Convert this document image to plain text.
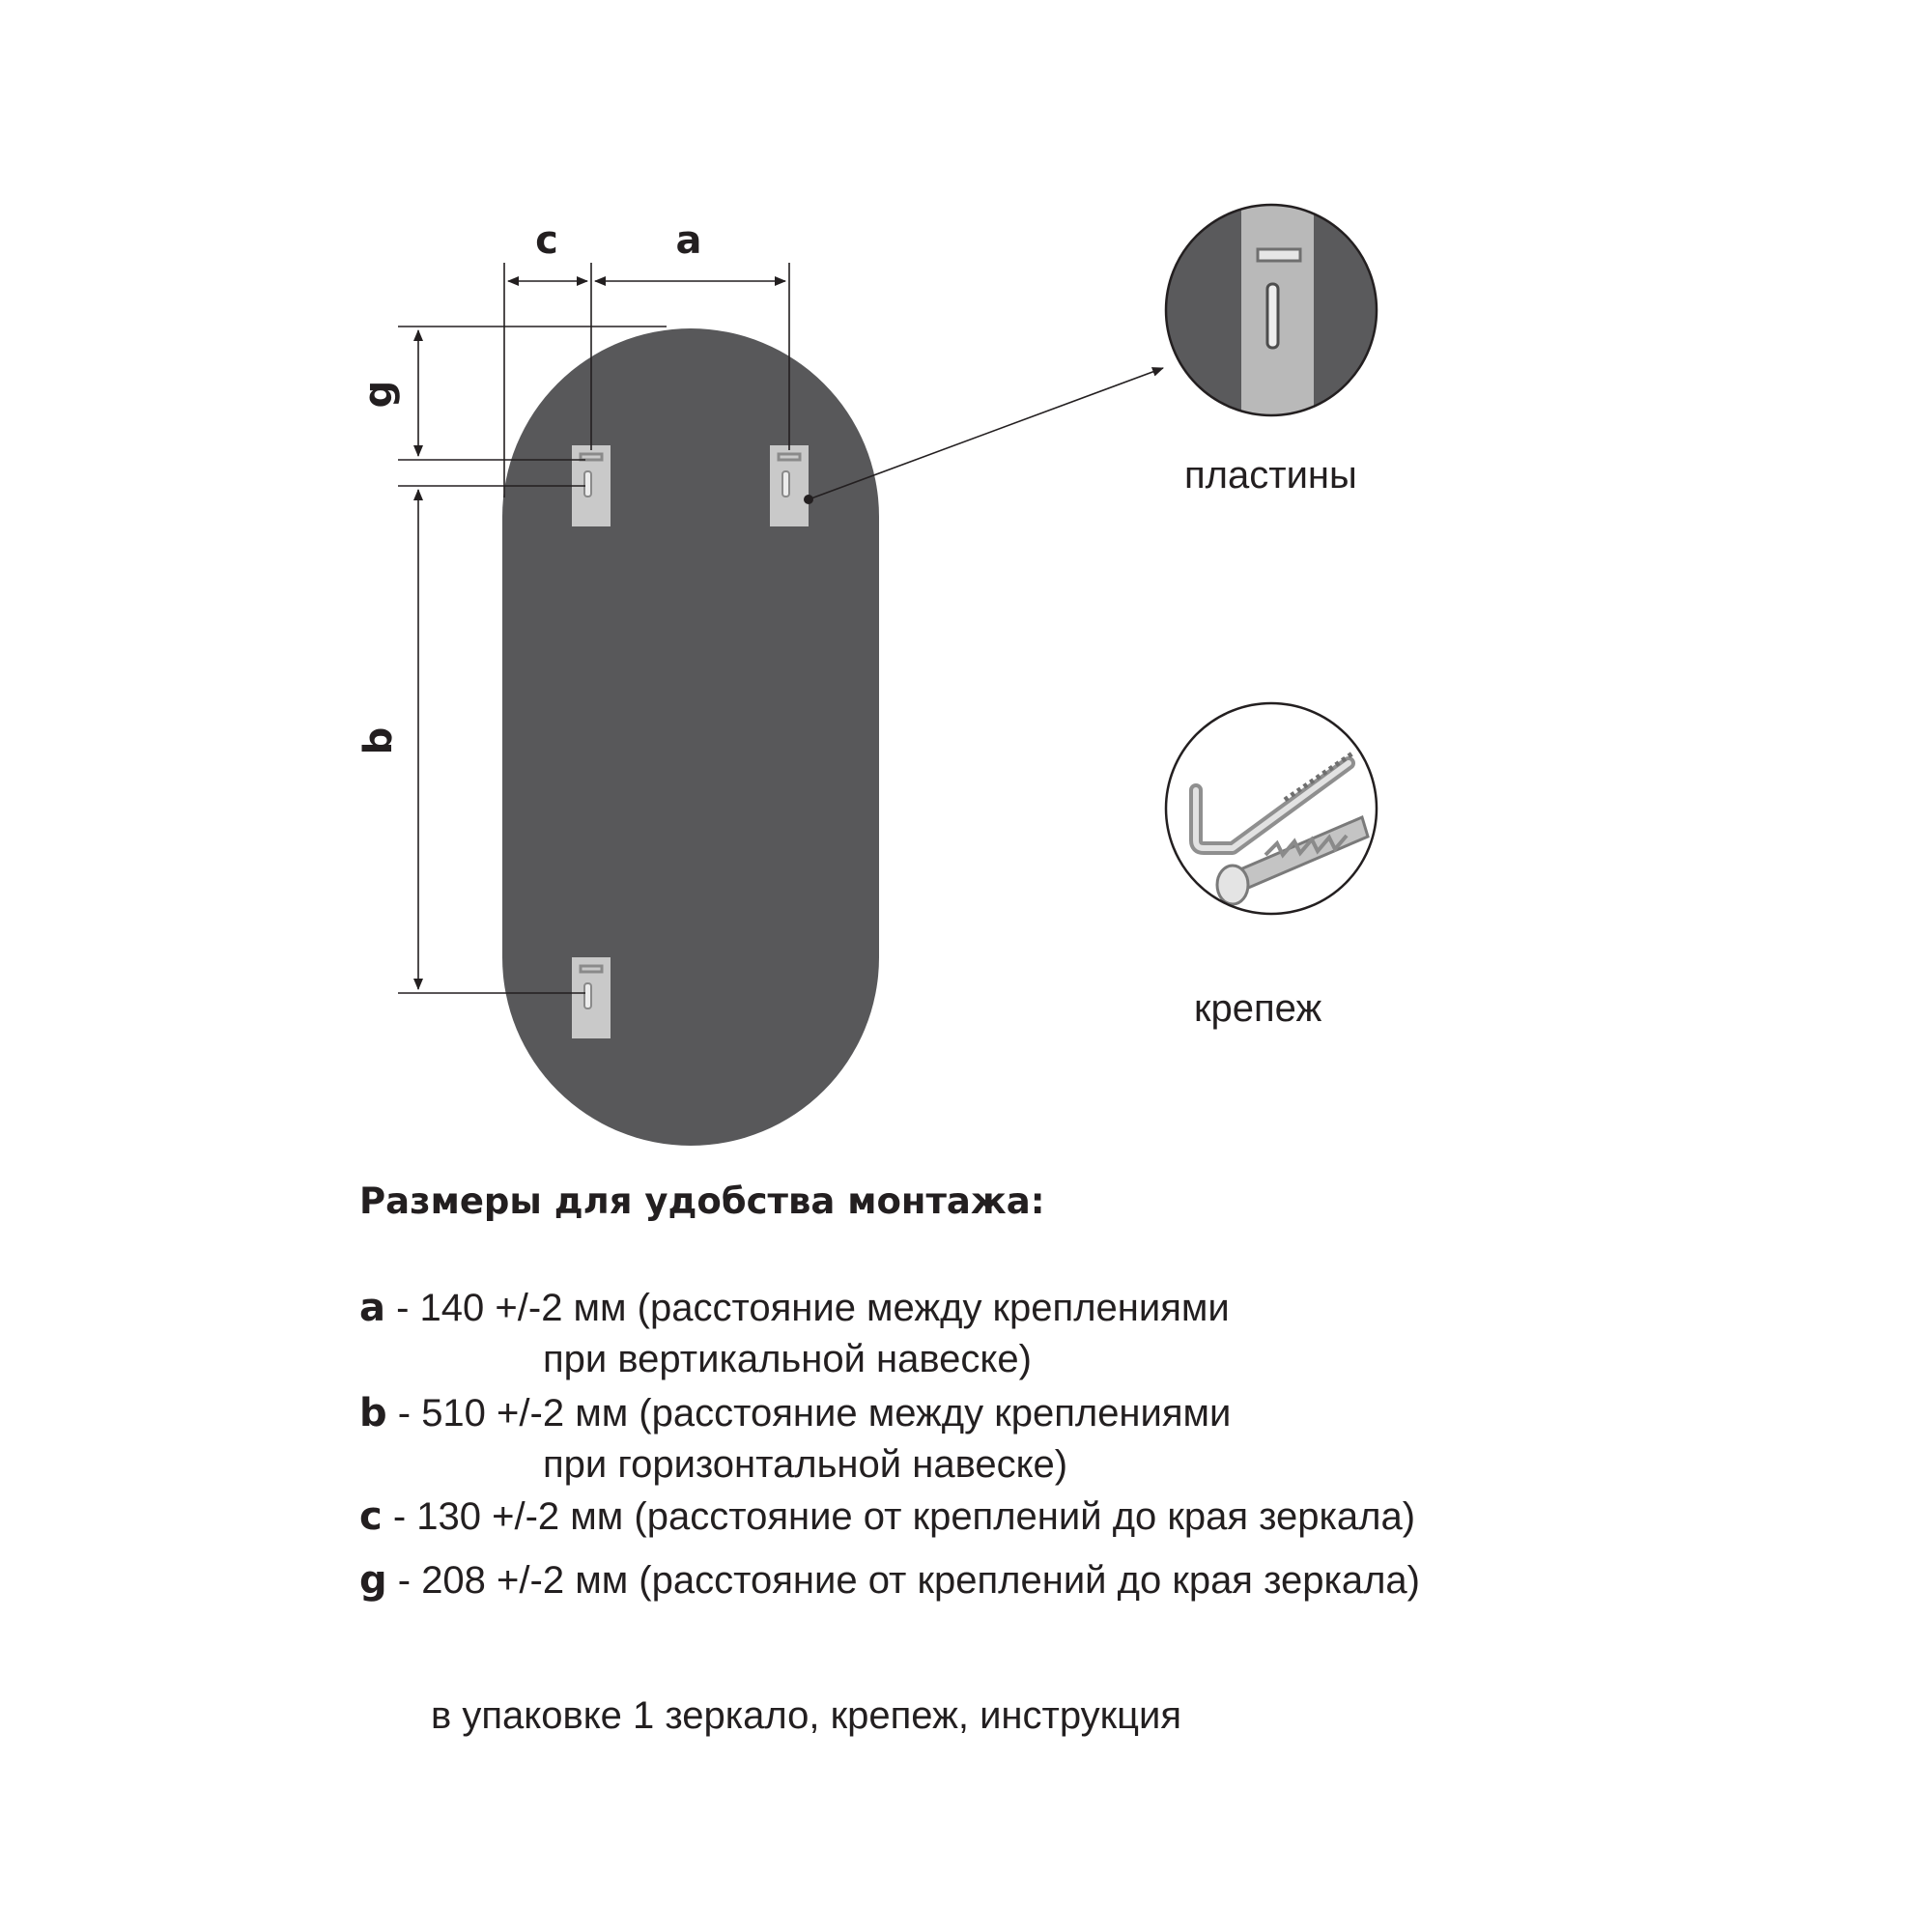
c	a
g
b
пластины
крепеж
Размеры для удобства монтажа:
a - 140 +/-2 мм (расстояние между креплениями
при вертикальной навеске)
b - 510 +/-2 мм (расстояние между креплениями
при горизонтальной навеске)
c - 130 +/-2 мм (расстояние от креплений до края зеркала)
g - 208 +/-2 мм (расстояние от креплений до края зеркала)
в упаковке 1 зеркало, крепеж, инструкция
